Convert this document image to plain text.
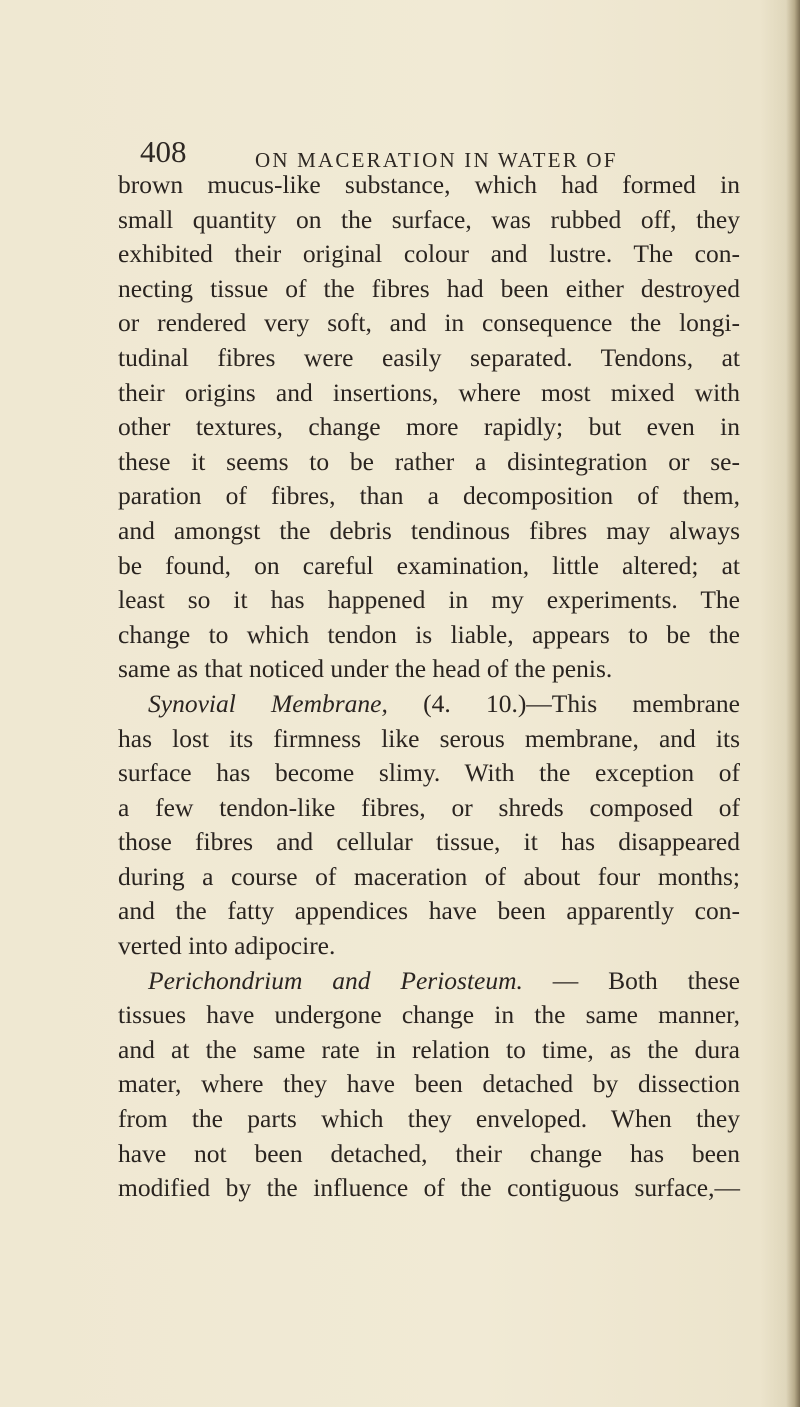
408	ON MACERATION IN WATER OF
brown mucus-like substance, which had formed in
small quantity on the surface, was rubbed off, they
exhibited their original colour and lustre. The con-
necting tissue of the fibres had been either destroyed
or rendered very soft, and in consequence the longi-
tudinal fibres were easily separated. Tendons, at
their origins and insertions, where most mixed with
other textures, change more rapidly; but even in
these it seems to be rather a disintegration or se-
paration of fibres, than a decomposition of them,
and amongst the debris tendinous fibres may always
be found, on careful examination, little altered; at
least so it has happened in my experiments. The
change to which tendon is liable, appears to be the
same as that noticed under the head of the penis.
Synovial Membrane, (4. 10.)—This membrane
has lost its firmness like serous membrane, and its
surface has become slimy. With the exception of
a few tendon-like fibres, or shreds composed of
those fibres and cellular tissue, it has disappeared
during a course of maceration of about four months;
and the fatty appendices have been apparently con-
verted into adipocire.
Perichondrium and Periosteum. — Both these
tissues have undergone change in the same manner,
and at the same rate in relation to time, as the dura
mater, where they have been detached by dissection
from the parts which they enveloped. When they
have not been detached, their change has been
modified by the influence of the contiguous surface,—
